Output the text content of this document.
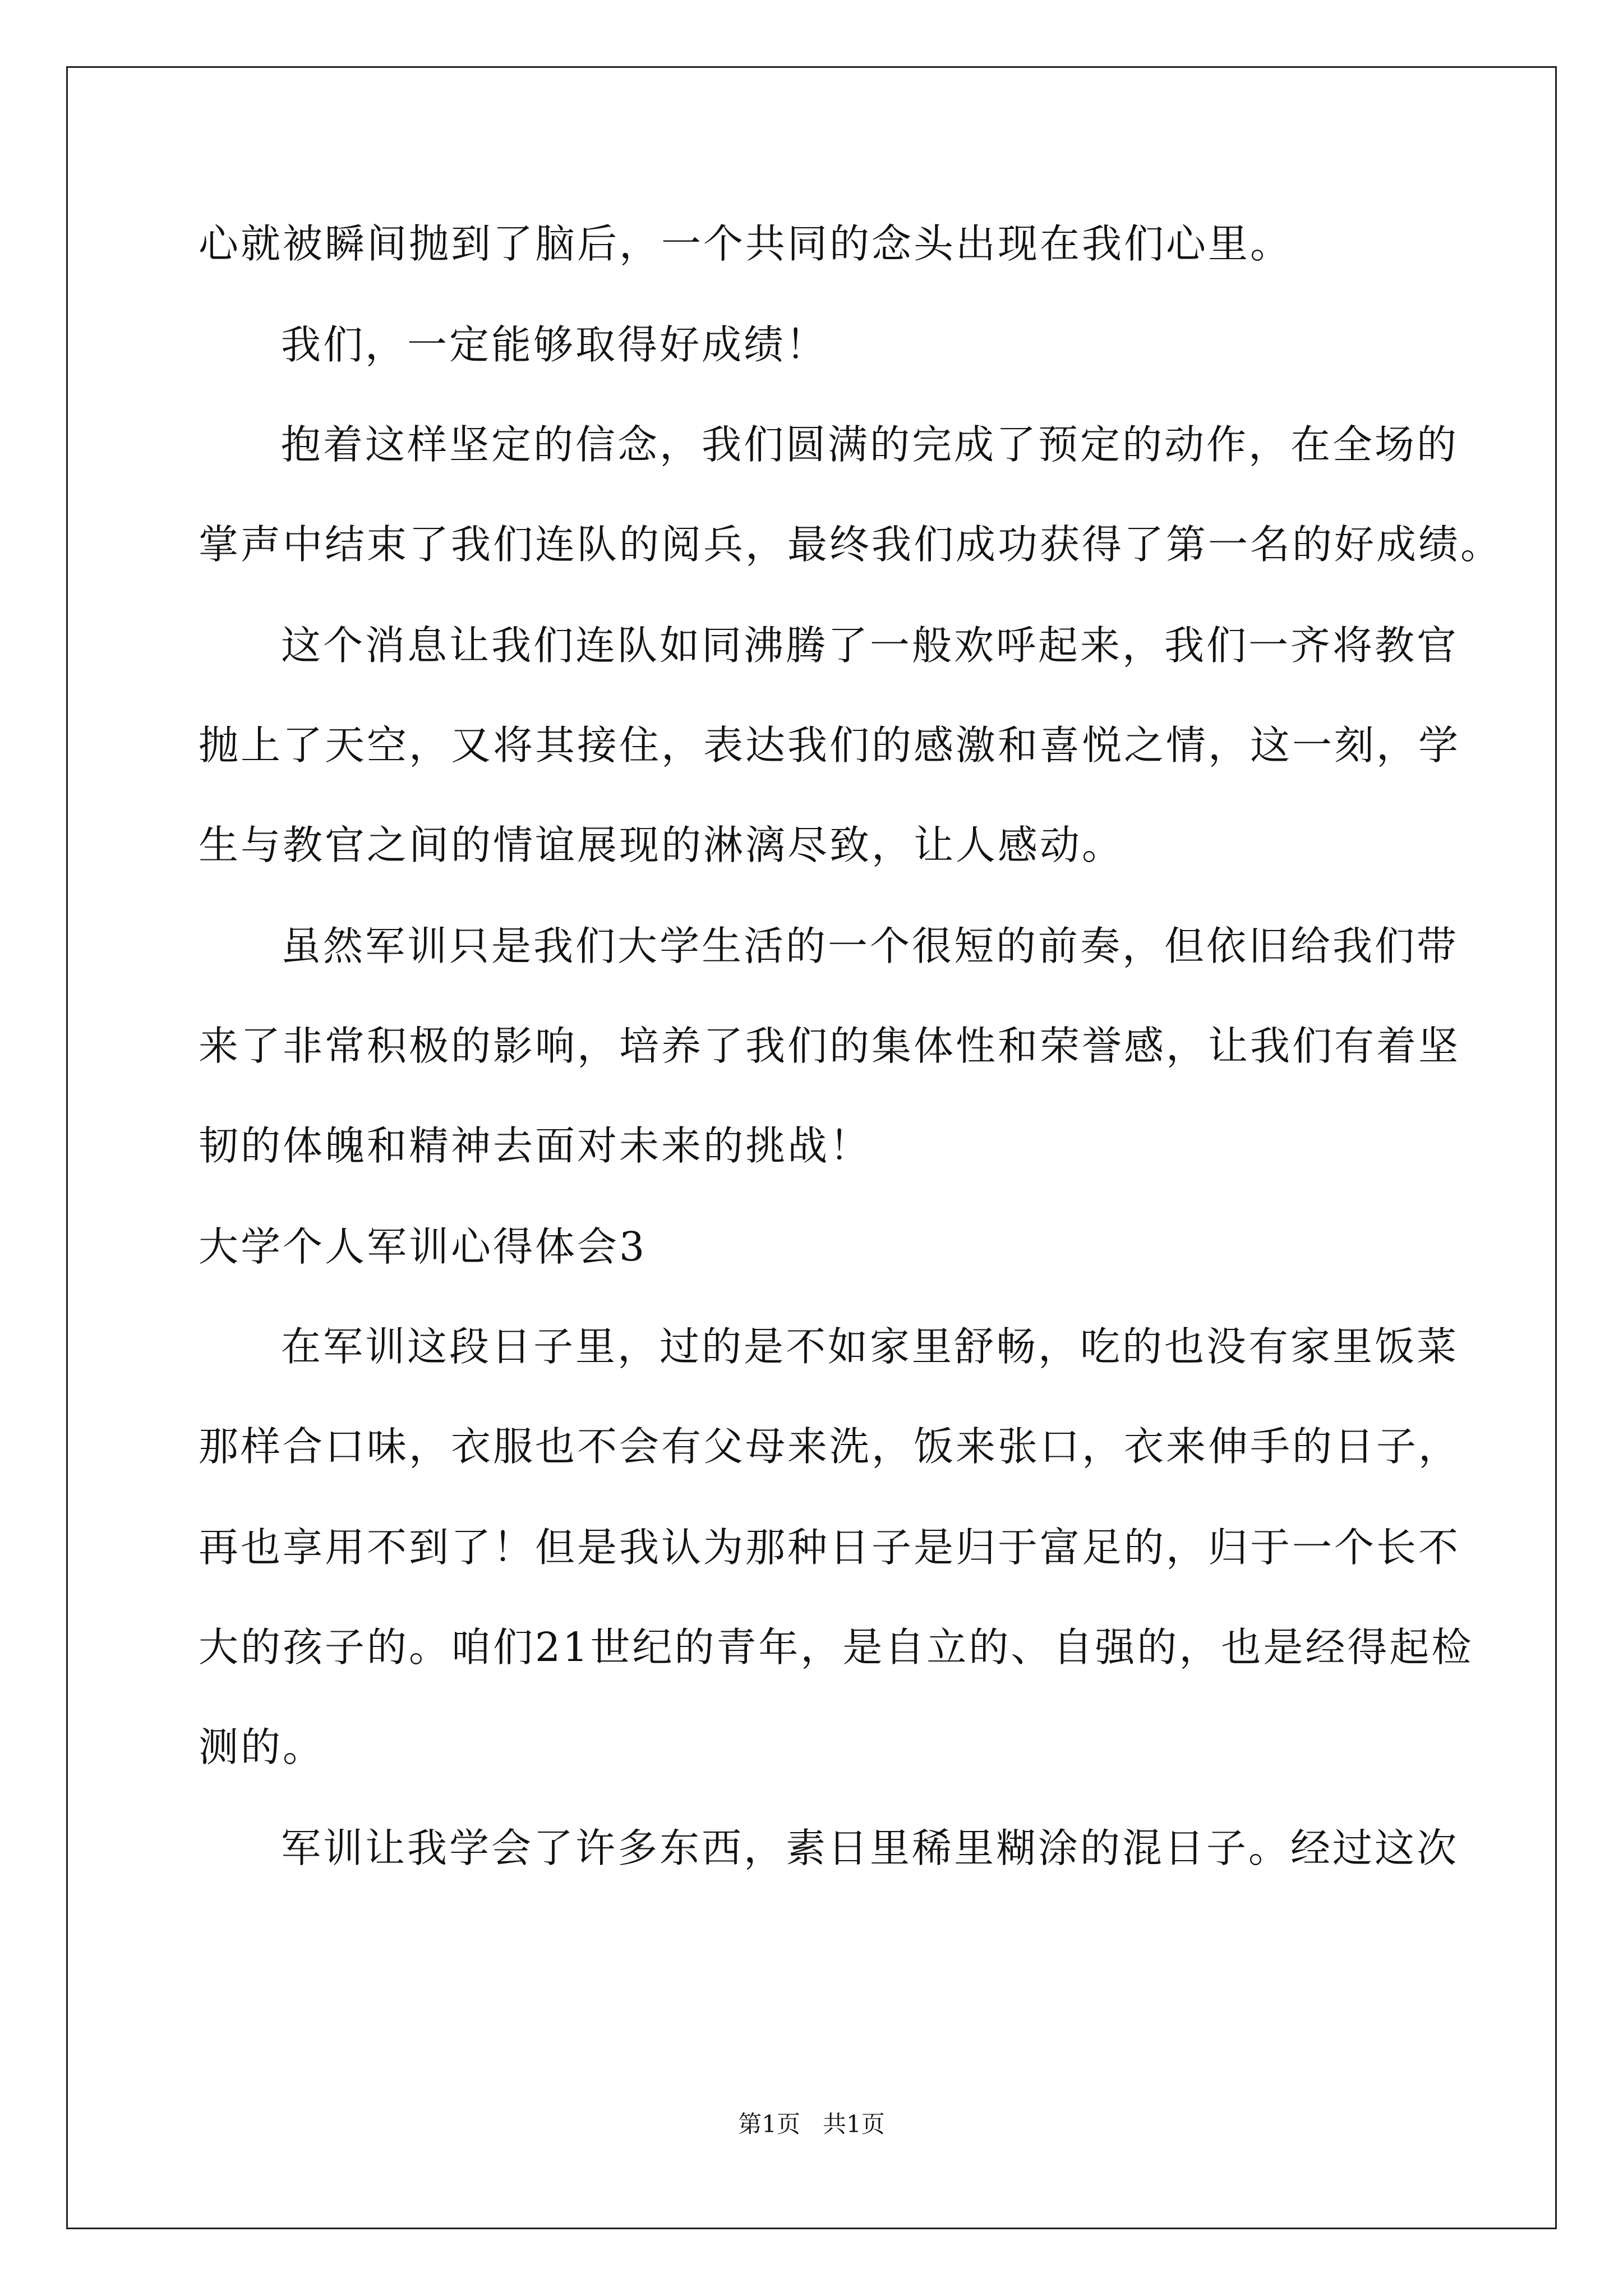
心就被瞬间抛到了脑后，一个共同的念头出现在我们心里。
我们，一定能够取得好成绩！
抱着这样坚定的信念，我们圆满的完成了预定的动作，在全场的
掌声中结束了我们连队的阅兵，最终我们成功获得了第一名的好成绩。
这个消息让我们连队如同沸腾了一般欢呼起来，我们一齐将教官
抛上了天空，又将其接住，表达我们的感激和喜悦之情，这一刻，学
生与教官之间的情谊展现的淋漓尽致，让人感动。
虽然军训只是我们大学生活的一个很短的前奏，但依旧给我们带
来了非常积极的影响，培养了我们的集体性和荣誉感，让我们有着坚
韧的体魄和精神去面对未来的挑战！
大学个人军训心得体会3
在军训这段日子里，过的是不如家里舒畅，吃的也没有家里饭菜
那样合口味，衣服也不会有父母来洗，饭来张口，衣来伸手的日子，
再也享用不到了！但是我认为那种日子是归于富足的，归于一个长不
大的孩子的。咱们21世纪的青年，是自立的、自强的，也是经得起检
测的。
军训让我学会了许多东西，素日里稀里糊涂的混日子。经过这次
第1页   共1页
